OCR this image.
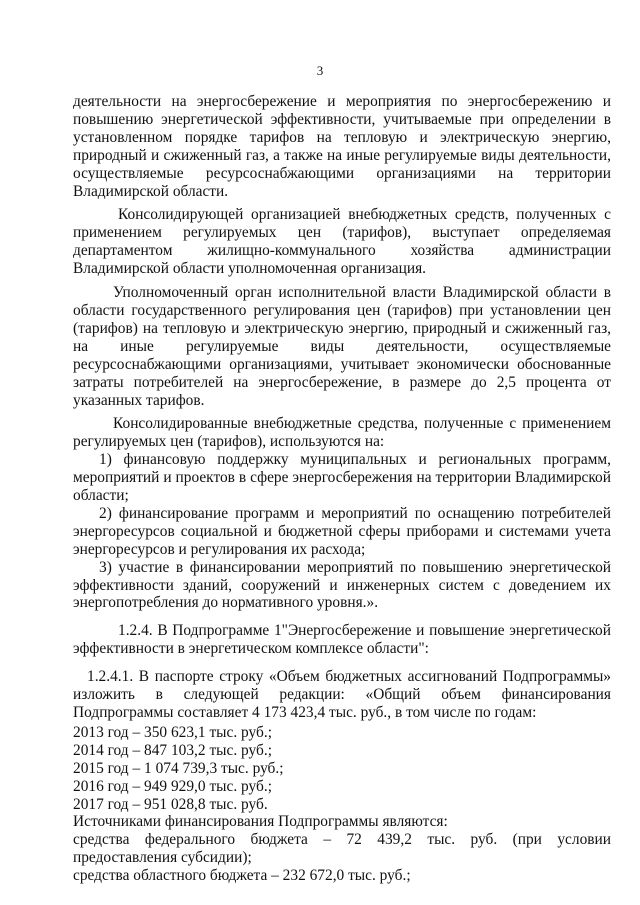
3

деятельности на энергосбережение и мероприятия по энергосбережению и повышению энергетической эффективности, учитываемые при определении в установленном порядке тарифов на тепловую и электрическую энергию, природный и сжиженный газ, а также на иные регулируемые виды деятельности, осуществляемые ресурсоснабжающими организациями на территории Владимирской области.

Консолидирующей организацией внебюджетных средств, полученных с применением регулируемых цен (тарифов), выступает определяемая департаментом жилищно-коммунального хозяйства администрации Владимирской области уполномоченная организация.

Уполномоченный орган исполнительной власти Владимирской области в области государственного регулирования цен (тарифов) при установлении цен (тарифов) на тепловую и электрическую энергию, природный и сжиженный газ, на иные регулируемые виды деятельности, осуществляемые ресурсоснабжающими организациями, учитывает экономически обоснованные затраты потребителей на энергосбережение, в размере до 2,5 процента от указанных тарифов.

Консолидированные внебюджетные средства, полученные с применением регулируемых цен (тарифов), используются на:

1) финансовую поддержку муниципальных и региональных программ, мероприятий и проектов в сфере энергосбережения на территории Владимирской области;

2) финансирование программ и мероприятий по оснащению потребителей энергоресурсов социальной и бюджетной сферы приборами и системами учета энергоресурсов и регулирования их расхода;

3) участие в финансировании мероприятий по повышению энергетической эффективности зданий, сооружений и инженерных систем с доведением их энергопотребления до нормативного уровня.».

1.2.4. В Подпрограмме 1"Энергосбережение и повышение энергетической эффективности в энергетическом комплексе области":

1.2.4.1. В паспорте строку «Объем бюджетных ассигнований Подпрограммы» изложить в следующей редакции: «Общий объем финансирования Подпрограммы составляет 4 173 423,4 тыс. руб., в том числе по годам:

2013 год – 350 623,1 тыс. руб.;
2014 год – 847 103,2 тыс. руб.;
2015 год – 1 074 739,3 тыс. руб.;
2016 год – 949 929,0 тыс. руб.;
2017 год – 951 028,8 тыс. руб.
Источниками финансирования Подпрограммы являются:

средства федерального бюджета – 72 439,2 тыс. руб. (при условии предоставления субсидии);

средства областного бюджета – 232 672,0 тыс. руб.;
